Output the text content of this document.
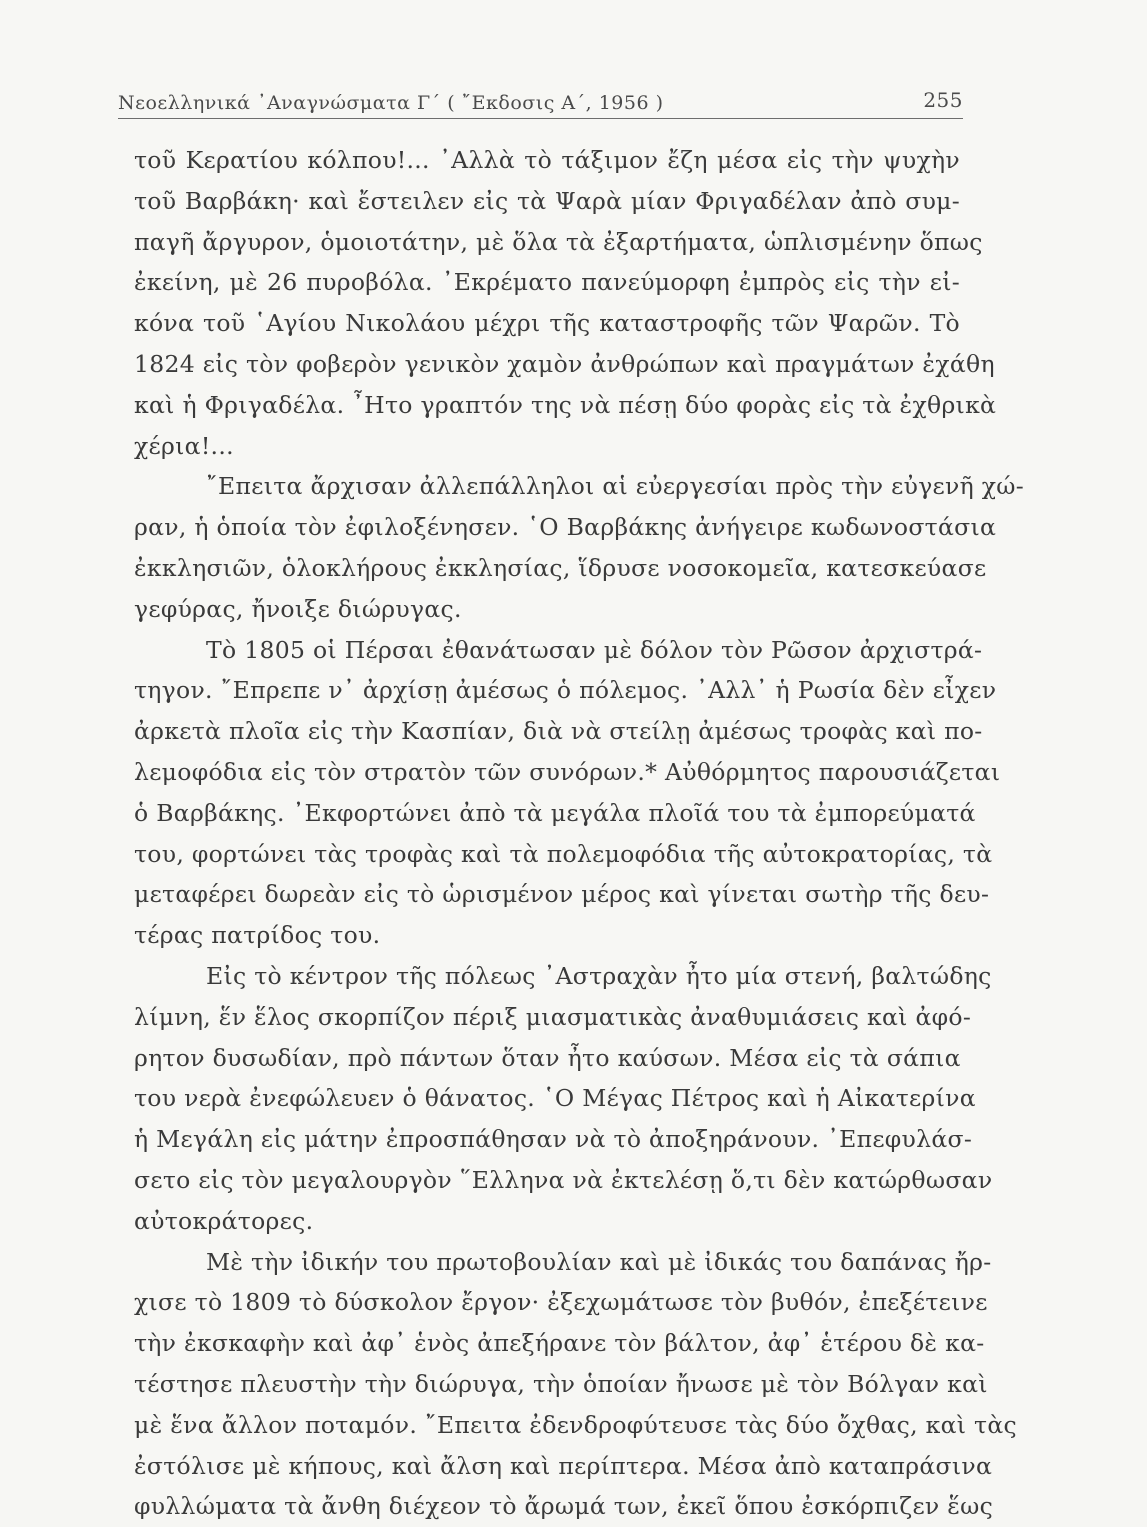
Νεοελληνικά ᾽Αναγνώσματα Γ΄ ( ῎Εκδοσις Α΄, 1956 )	255
τοῦ Κερατίου κόλπου!... ᾽Αλλὰ τὸ τάξιμον ἔζη μέσα εἰς τὴν ψυχὴν
τοῦ Βαρβάκη· καὶ ἔστειλεν εἰς τὰ Ψαρὰ μίαν Φριγαδέλαν ἀπὸ συμ-
παγῆ ἄργυρον, ὁμοιοτάτην, μὲ ὅλα τὰ ἐξαρτήματα, ὡπλισμένην ὅπως
ἐκείνη, μὲ 26 πυροβόλα. ᾽Εκρέματο πανεύμορφη ἐμπρὸς εἰς τὴν εἰ-
κόνα τοῦ ῾Αγίου Νικολάου μέχρι τῆς καταστροφῆς τῶν Ψαρῶν. Τὸ
1824 εἰς τὸν φοβερὸν γενικὸν χαμὸν ἀνθρώπων καὶ πραγμάτων ἐχάθη
καὶ ἡ Φριγαδέλα. ῏Ητο γραπτόν της νὰ πέσῃ δύο φορὰς εἰς τὰ ἐχθρικὰ
χέρια!...
῎Επειτα ἄρχισαν ἀλλεπάλληλοι αἱ εὐεργεσίαι πρὸς τὴν εὐγενῆ χώ-
ραν, ἡ ὁποία τὸν ἐφιλοξένησεν. ῾Ο Βαρβάκης ἀνήγειρε κωδωνοστάσια
ἐκκλησιῶν, ὁλοκλήρους ἐκκλησίας, ἵδρυσε νοσοκομεῖα, κατεσκεύασε
γεφύρας, ἤνοιξε διώρυγας.
Τὸ 1805 οἱ Πέρσαι ἐθανάτωσαν μὲ δόλον τὸν Ρῶσον ἀρχιστρά-
τηγον. ῎Επρεπε ν᾽ ἀρχίσῃ ἀμέσως ὁ πόλεμος. ᾽Αλλ᾽ ἡ Ρωσία δὲν εἶχεν
ἀρκετὰ πλοῖα εἰς τὴν Κασπίαν, διὰ νὰ στείλῃ ἀμέσως τροφὰς καὶ πο-
λεμοφόδια εἰς τὸν στρατὸν τῶν συνόρων.* Αὐθόρμητος παρουσιάζεται
ὁ Βαρβάκης. ᾽Εκφορτώνει ἀπὸ τὰ μεγάλα πλοῖά του τὰ ἐμπορεύματά
του, φορτώνει τὰς τροφὰς καὶ τὰ πολεμοφόδια τῆς αὐτοκρατορίας, τὰ
μεταφέρει δωρεὰν εἰς τὸ ὡρισμένον μέρος καὶ γίνεται σωτὴρ τῆς δευ-
τέρας πατρίδος του.
Εἰς τὸ κέντρον τῆς πόλεως ᾽Αστραχὰν ἦτο μία στενή, βαλτώδης
λίμνη, ἕν ἕλος σκορπίζον πέριξ μιασματικὰς ἀναθυμιάσεις καὶ ἀφό-
ρητον δυσωδίαν, πρὸ πάντων ὅταν ἦτο καύσων. Μέσα εἰς τὰ σάπια
του νερὰ ἐνεφώλευεν ὁ θάνατος. ῾Ο Μέγας Πέτρος καὶ ἡ Αἰκατερίνα
ἡ Μεγάλη εἰς μάτην ἐπροσπάθησαν νὰ τὸ ἀποξηράνουν. ᾽Επεφυλάσ-
σετο εἰς τὸν μεγαλουργὸν ῞Ελληνα νὰ ἐκτελέσῃ ὅ,τι δὲν κατώρθωσαν
αὐτοκράτορες.
Μὲ τὴν ἰδικήν του πρωτοβουλίαν καὶ μὲ ἰδικάς του δαπάνας ἤρ-
χισε τὸ 1809 τὸ δύσκολον ἔργον· ἐξεχωμάτωσε τὸν βυθόν, ἐπεξέτεινε
τὴν ἐκσκαφὴν καὶ ἀφ᾽ ἑνὸς ἀπεξήρανε τὸν βάλτον, ἀφ᾽ ἑτέρου δὲ κα-
τέστησε πλευστὴν τὴν διώρυγα, τὴν ὁποίαν ἤνωσε μὲ τὸν Βόλγαν καὶ
μὲ ἕνα ἄλλον ποταμόν. ῎Επειτα ἐδενδροφύτευσε τὰς δύο ὄχθας, καὶ τὰς
ἐστόλισε μὲ κήπους, καὶ ἄλση καὶ περίπτερα. Μέσα ἀπὸ καταπράσινα
φυλλώματα τὰ ἄνθη διέχεον τὸ ἄρωμά των, ἐκεῖ ὅπου ἐσκόρπιζεν ἕως
